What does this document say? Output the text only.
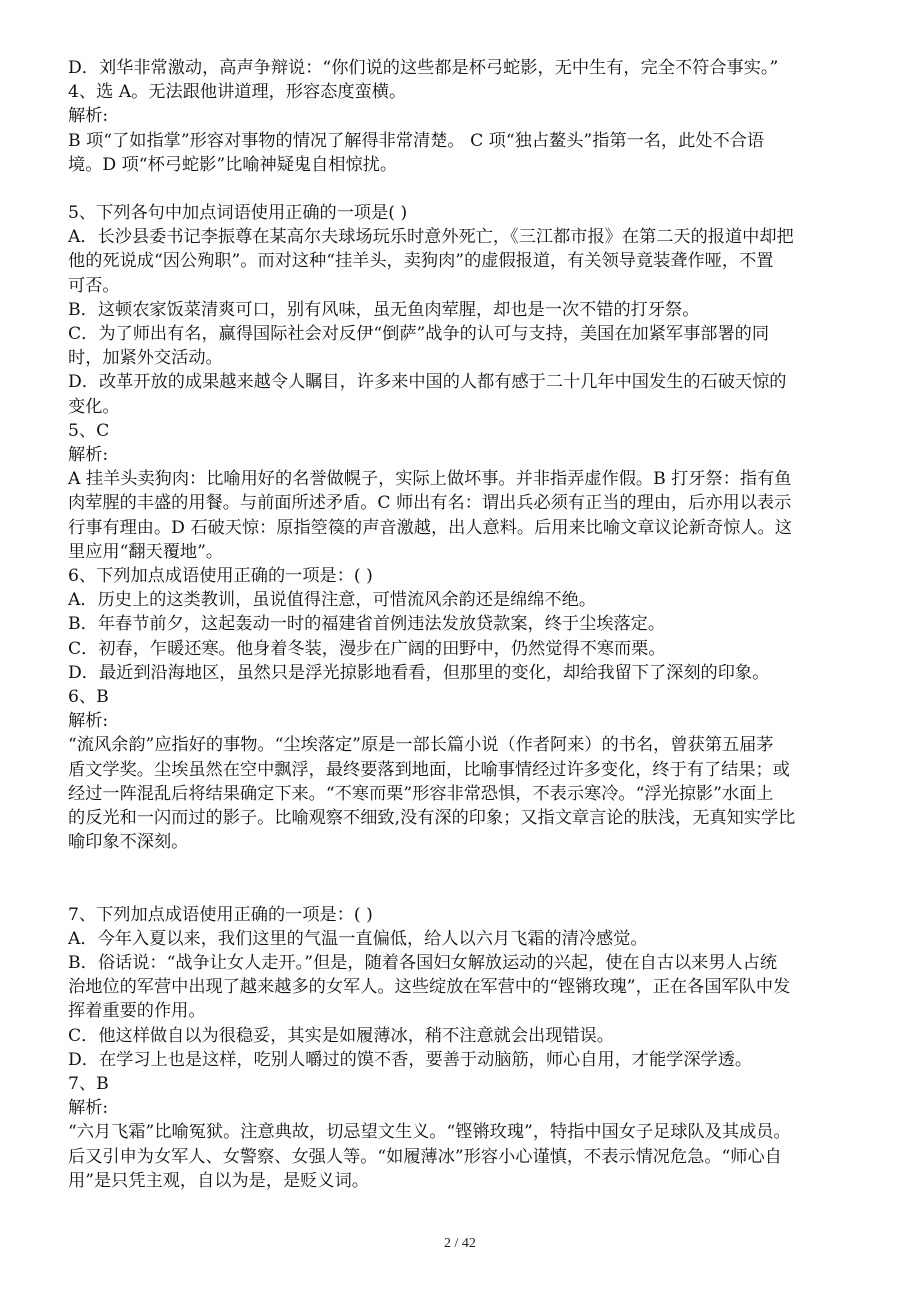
D．刘华非常激动，高声争辩说：“你们说的这些都是杯弓蛇影，无中生有，完全不符合事实。”

4、选 A。无法跟他讲道理，形容态度蛮横。

解析:

B 项“了如指掌”形容对事物的情况了解得非常清楚。 C 项“独占鳌头”指第一名，此处不合语

境。D 项“杯弓蛇影”比喻神疑鬼自相惊扰。

5、下列各句中加点词语使用正确的一项是( )

A．长沙县委书记李振尊在某高尔夫球场玩乐时意外死亡，《三江都市报》在第二天的报道中却把

他的死说成“因公殉职”。而对这种“挂羊头，卖狗肉”的虚假报道，有关领导竟装聋作哑，不置

可否。

B．这顿农家饭菜清爽可口，别有风味，虽无鱼肉荤腥，却也是一次不错的打牙祭。

C．为了师出有名，赢得国际社会对反伊“倒萨”战争的认可与支持，美国在加紧军事部署的同

时，加紧外交活动。

D．改革开放的成果越来越令人瞩目，许多来中国的人都有感于二十几年中国发生的石破天惊的

变化。

5、C

解析:

A 挂羊头卖狗肉：比喻用好的名誉做幌子，实际上做坏事。并非指弄虚作假。B 打牙祭：指有鱼

肉荤腥的丰盛的用餐。与前面所述矛盾。C 师出有名：谓出兵必须有正当的理由，后亦用以表示

行事有理由。D 石破天惊：原指箜篌的声音激越，出人意料。后用来比喻文章议论新奇惊人。这

里应用“翻天覆地”。

6、下列加点成语使用正确的一项是：( )

A．历史上的这类教训，虽说值得注意，可惜流风余韵还是绵绵不绝。

B．年春节前夕，这起轰动一时的福建省首例违法发放贷款案，终于尘埃落定。

C．初春，乍暖还寒。他身着冬装，漫步在广阔的田野中，仍然觉得不寒而栗。

D．最近到沿海地区，虽然只是浮光掠影地看看，但那里的变化，却给我留下了深刻的印象。

6、B

解析:

“流风余韵”应指好的事物。“尘埃落定”原是一部长篇小说（作者阿来）的书名，曾获第五届茅

盾文学奖。尘埃虽然在空中飘浮，最终要落到地面，比喻事情经过许多变化，终于有了结果；或

经过一阵混乱后将结果确定下来。“不寒而栗”形容非常恐惧，不表示寒冷。“浮光掠影”水面上

的反光和一闪而过的影子。比喻观察不细致,没有深的印象；又指文章言论的肤浅，无真知实学比

喻印象不深刻。

7、下列加点成语使用正确的一项是：( )

A．今年入夏以来，我们这里的气温一直偏低，给人以六月飞霜的清冷感觉。

B．俗话说：“战争让女人走开。”但是，随着各国妇女解放运动的兴起，使在自古以来男人占统

治地位的军营中出现了越来越多的女军人。这些绽放在军营中的“铿锵玫瑰”，正在各国军队中发

挥着重要的作用。

C．他这样做自以为很稳妥，其实是如履薄冰，稍不注意就会出现错误。

D．在学习上也是这样，吃别人嚼过的馍不香，要善于动脑筋，师心自用，才能学深学透。

7、B

解析:

“六月飞霜”比喻冤狱。注意典故，切忌望文生义。“铿锵玫瑰”，特指中国女子足球队及其成员。

后又引申为女军人、女警察、女强人等。“如履薄冰”形容小心谨慎，不表示情况危急。“师心自

用”是只凭主观，自以为是，是贬义词。

2 / 42
